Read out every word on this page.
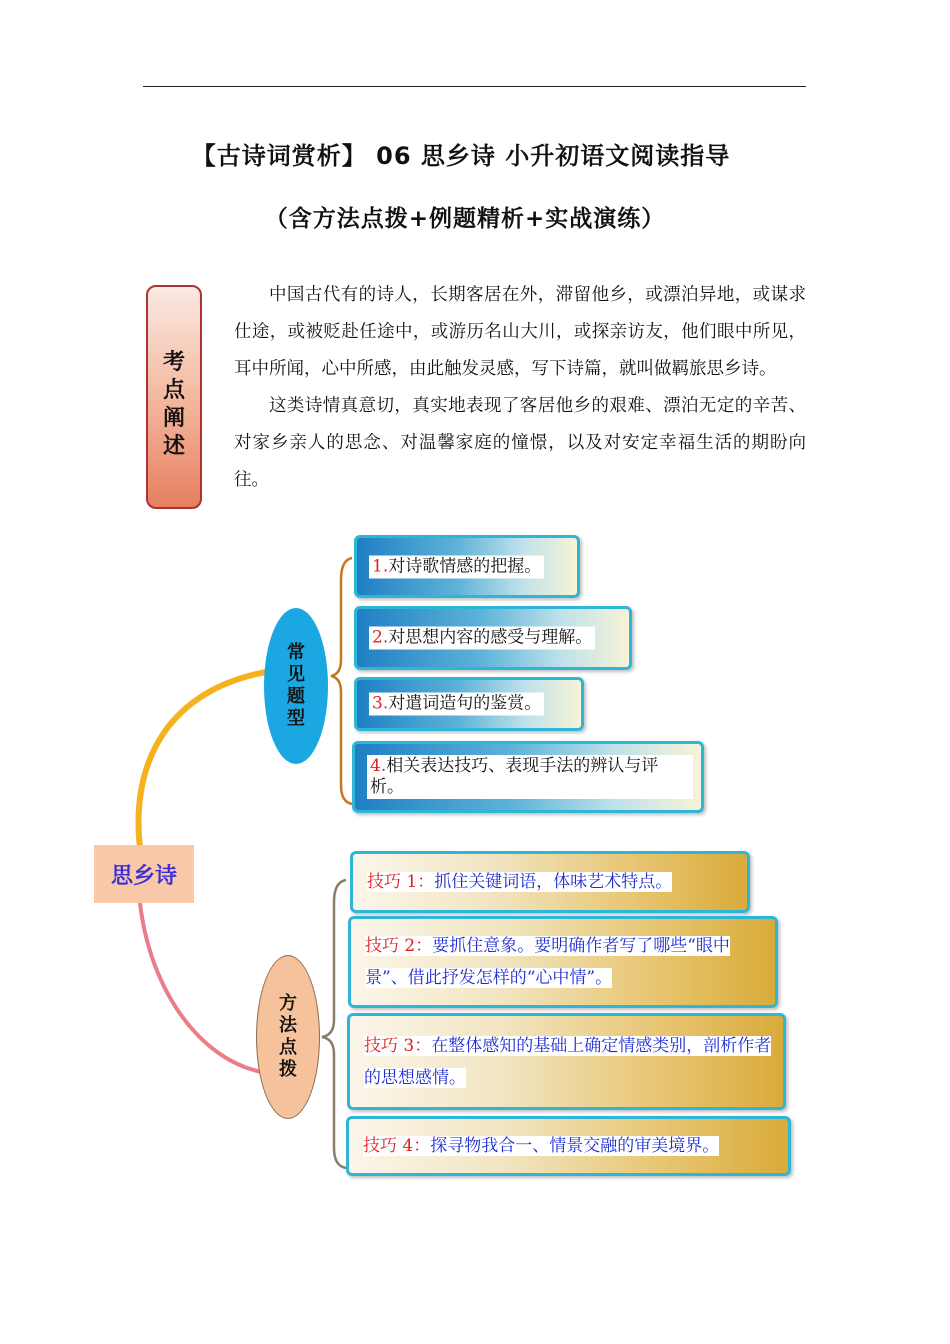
【古诗词赏析】 06 思乡诗 小升初语文阅读指导
（含方法点拨+例题精析+实战演练）
考
点
阐
述

中国古代有的诗人，长期客居在外，滞留他乡，或漂泊异地，或谋求仕途，或被贬赴任途中，或游历名山大川，或探亲访友，他们眼中所见，耳中所闻，心中所感，由此触发灵感，写下诗篇，就叫做羁旅思乡诗。

这类诗情真意切，真实地表现了客居他乡的艰难、漂泊无定的辛苦、对家乡亲人的思念、对温馨家庭的憧憬，以及对安定幸福生活的期盼向往。

思乡诗
常
见
题
型
方
法
点
拨
1.对诗歌情感的把握。
2.对思想内容的感受与理解。
3.对遣词造句的鉴赏。
4.相关表达技巧、表现手法的辨认与评析。
技巧 1：抓住关键词语，体味艺术特点。
技巧 2：要抓住意象。要明确作者写了哪些“眼中景”、借此抒发怎样的“心中情”。
技巧 3：在整体感知的基础上确定情感类别，剖析作者的思想感情。
技巧 4：探寻物我合一、情景交融的审美境界。
